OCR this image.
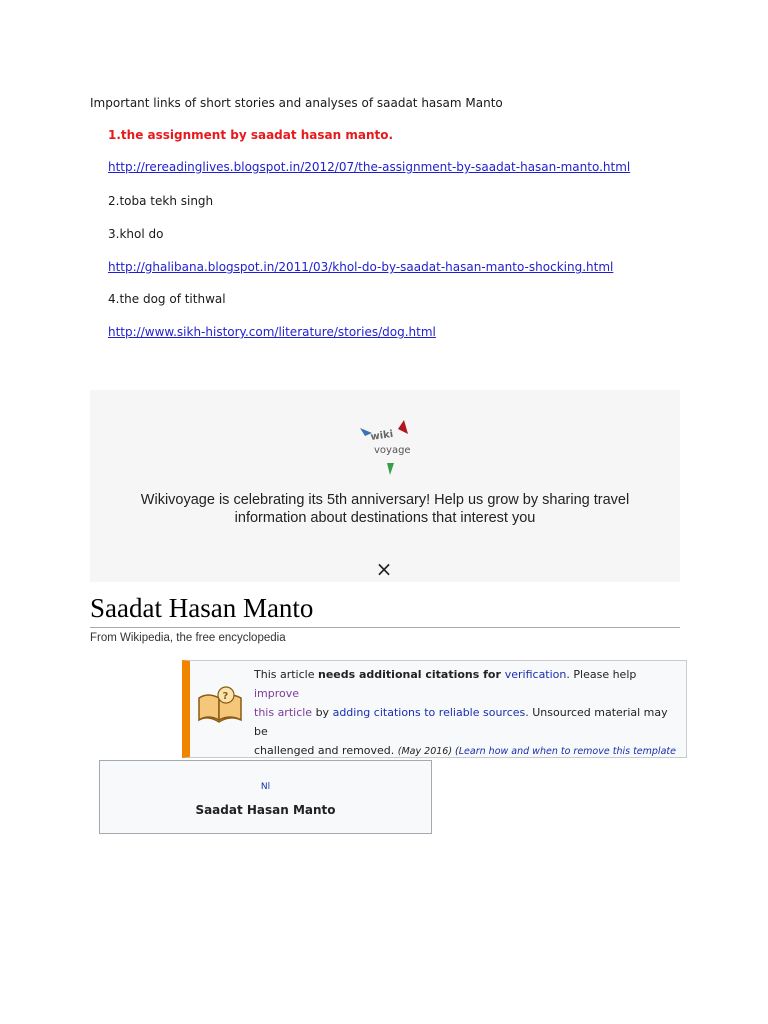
Important links of short stories and analyses of saadat hasam Manto
1.the assignment by saadat hasan manto.
http://rereadinglives.blogspot.in/2012/07/the-assignment-by-saadat-hasan-manto.html
2.toba tekh singh
3.khol do
http://ghalibana.blogspot.in/2011/03/khol-do-by-saadat-hasan-manto-shocking.html
4.the dog of tithwal
http://www.sikh-history.com/literature/stories/dog.html
wiki
voyage
Wikivoyage is celebrating its 5th anniversary! Help us grow by sharing travel
information about destinations that interest you
×
Saadat Hasan Manto
From Wikipedia, the free encyclopedia
?
This article needs additional citations for verification. Please help improve
this article by adding citations to reliable sources. Unsourced material may be
challenged and removed. (May 2016) (Learn how and when to remove this template

Nl
Saadat Hasan Manto
